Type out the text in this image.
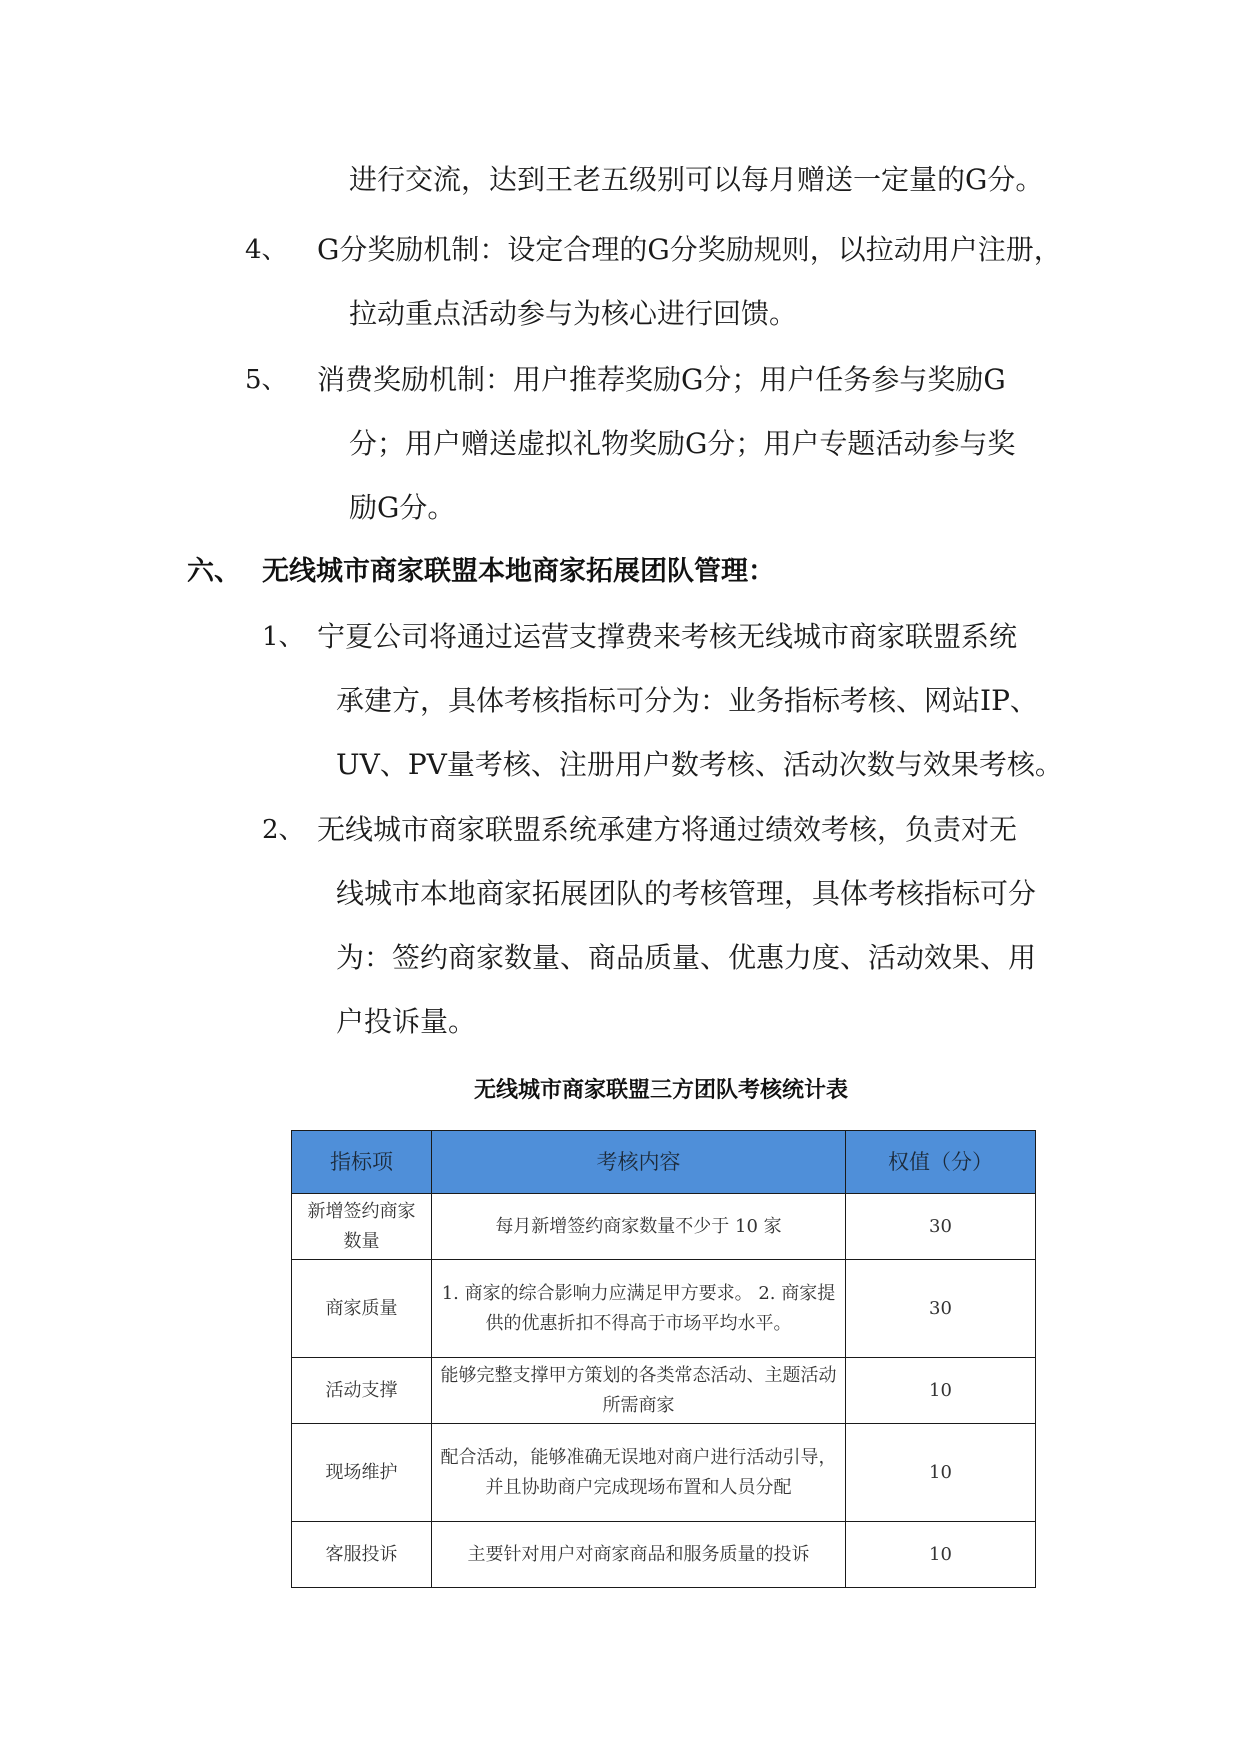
进行交流，达到王老五级别可以每月赠送一定量的G分。
4、 G分奖励机制：设定合理的G分奖励规则，以拉动用户注册，
拉动重点活动参与为核心进行回馈。
5、 消费奖励机制：用户推荐奖励G分；用户任务参与奖励G
分；用户赠送虚拟礼物奖励G分；用户专题活动参与奖
励G分。
六、 无线城市商家联盟本地商家拓展团队管理：
1、 宁夏公司将通过运营支撑费来考核无线城市商家联盟系统
承建方，具体考核指标可分为：业务指标考核、网站IP、
UV、PV量考核、注册用户数考核、活动次数与效果考核。
2、 无线城市商家联盟系统承建方将通过绩效考核，负责对无
线城市本地商家拓展团队的考核管理，具体考核指标可分
为：签约商家数量、商品质量、优惠力度、活动效果、用
户投诉量。
无线城市商家联盟三方团队考核统计表
指标项	考核内容	权值（分）
新增签约商家数量	每月新增签约商家数量不少于 10 家	30
商家质量	1. 商家的综合影响力应满足甲方要求。 2. 商家提供的优惠折扣不得高于市场平均水平。	30
活动支撑	能够完整支撑甲方策划的各类常态活动、主题活动所需商家	10
现场维护	配合活动，能够准确无误地对商户进行活动引导，并且协助商户完成现场布置和人员分配	10
客服投诉	主要针对用户对商家商品和服务质量的投诉	10
